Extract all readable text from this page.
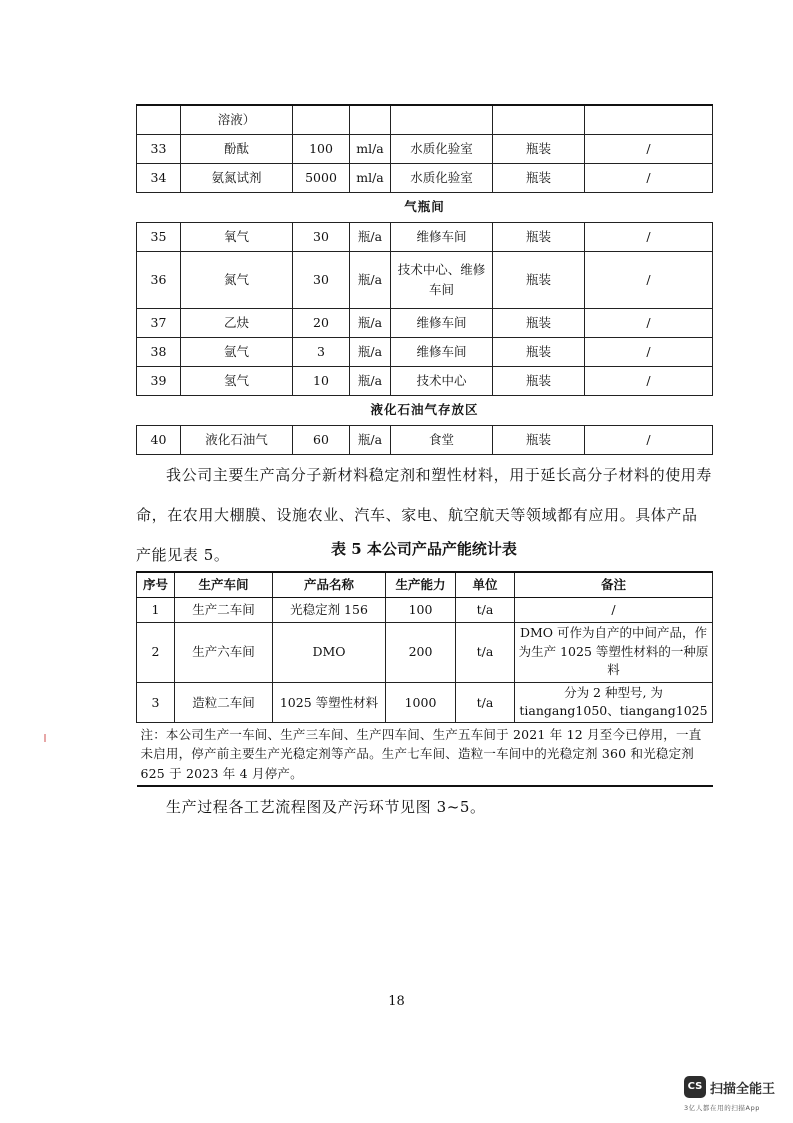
	溶液）					
33	酚酞	100	ml/a	水质化验室	瓶装	/
34	氨氮试剂	5000	ml/a	水质化验室	瓶装	/
气瓶间						
35	氧气	30	瓶/a	维修车间	瓶装	/
36	氮气	30	瓶/a	技术中心、维修
车间	瓶装	/
37	乙炔	20	瓶/a	维修车间	瓶装	/
38	氩气	3	瓶/a	维修车间	瓶装	/
39	氢气	10	瓶/a	技术中心	瓶装	/
液化石油气存放区						
40	液化石油气	60	瓶/a	食堂	瓶装	/

我公司主要生产高分子新材料稳定剂和塑性材料，用于延长高分子材料的使用寿命，在农用大棚膜、设施农业、汽车、家电、航空航天等领域都有应用。具体产品产能见表 5。	表 5 本公司产品产能统计表

序号	生产车间	产品名称	生产能力	单位	备注
1	生产二车间	光稳定剂 156	100	t/a	/
2	生产六车间	DMO	200	t/a	DMO 可作为自产的中间产品，作为生产 1025 等塑性材料的一种原料
3	造粒二车间	1025 等塑性材料	1000	t/a	分为 2 种型号, 为 tiangang1050、tiangang1025
注：本公司生产一车间、生产三车间、生产四车间、生产五车间于 2021 年 12 月至今已停用，一直未启用，停产前主要生产光稳定剂等产品。生产七车间、造粒一车间中的光稳定剂 360 和光稳定剂 625 于 2023 年 4 月停产。					

生产过程各工艺流程图及产污环节见图 3~5。

18

CS 扫描全能王
3亿人都在用的扫描App
